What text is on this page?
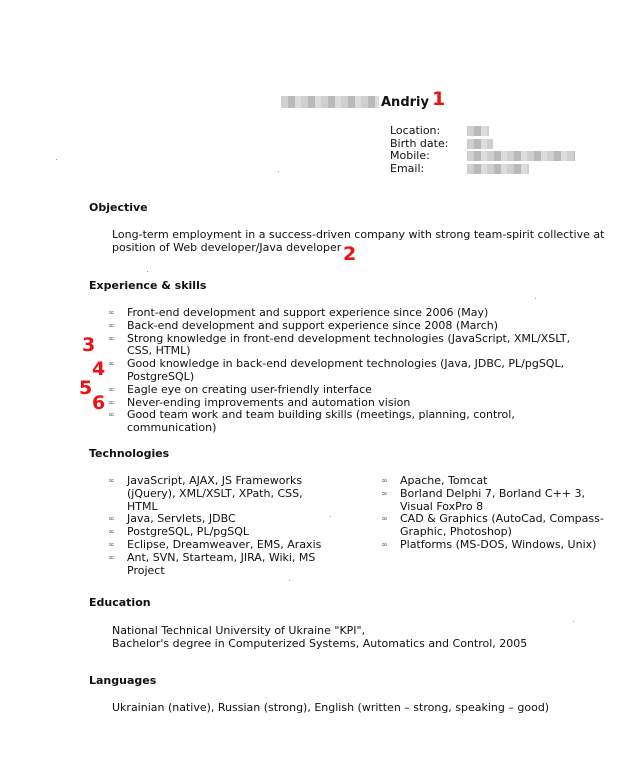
Andriy 1
Location:
Birth date:
Mobile:
Email:
Objective
Long-term employment in a success-driven company with strong team-spirit collective at
position of Web developer/Java developer 2
Experience & skills
∞ Front-end development and support experience since 2006 (May)
∞ Back-end development and support experience since 2008 (March)
∞ Strong knowledge in front-end development technologies (JavaScript, XML/XSLT, CSS, HTML)
∞ Good knowledge in back-end development technologies (Java, JDBC, PL/pgSQL, PostgreSQL)
∞ Eagle eye on creating user-friendly interface
∞ Never-ending improvements and automation vision
∞ Good team work and team building skills (meetings, planning, control, communication)
3
4
5
6
Technologies
∞ JavaScript, AJAX, JS Frameworks (jQuery), XML/XSLT, XPath, CSS, HTML
∞ Java, Servlets, JDBC
∞ PostgreSQL, PL/pgSQL
∞ Eclipse, Dreamweaver, EMS, Araxis
∞ Ant, SVN, Starteam, JIRA, Wiki, MS Project
∞ Apache, Tomcat
∞ Borland Delphi 7, Borland C++ 3, Visual FoxPro 8
∞ CAD & Graphics (AutoCad, Compass-Graphic, Photoshop)
∞ Platforms (MS-DOS, Windows, Unix)
Education
National Technical University of Ukraine "KPI",
Bachelor's degree in Computerized Systems, Automatics and Control, 2005
Languages
Ukrainian (native), Russian (strong), English (written – strong, speaking – good)
